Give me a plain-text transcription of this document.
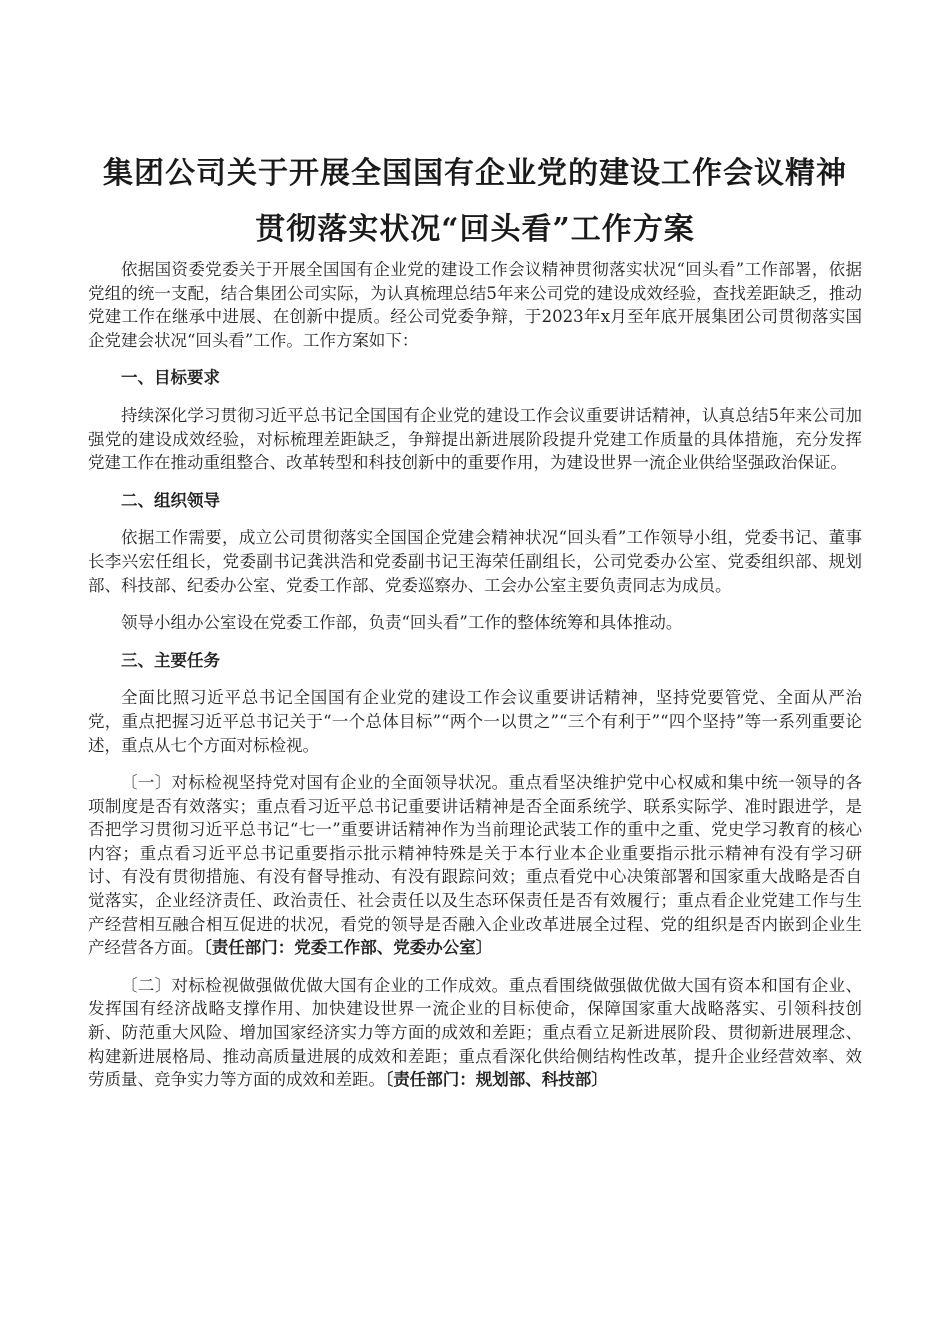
集团公司关于开展全国国有企业党的建设工作会议精神贯彻落实状况“回头看”工作方案

依据国资委党委关于开展全国国有企业党的建设工作会议精神贯彻落实状况“回头看”工作部署，依据党组的统一支配，结合集团公司实际，为认真梳理总结5年来公司党的建设成效经验，查找差距缺乏，推动党建工作在继承中进展、在创新中提质。经公司党委争辩，于2023年x月至年底开展集团公司贯彻落实国企党建会状况“回头看”工作。工作方案如下：

一、目标要求

持续深化学习贯彻习近平总书记全国国有企业党的建设工作会议重要讲话精神，认真总结5年来公司加强党的建设成效经验，对标梳理差距缺乏，争辩提出新进展阶段提升党建工作质量的具体措施，充分发挥党建工作在推动重组整合、改革转型和科技创新中的重要作用，为建设世界一流企业供给坚强政治保证。

二、组织领导

依据工作需要，成立公司贯彻落实全国国企党建会精神状况“回头看”工作领导小组，党委书记、董事长李兴宏任组长，党委副书记龚洪浩和党委副书记王海荣任副组长，公司党委办公室、党委组织部、规划部、科技部、纪委办公室、党委工作部、党委巡察办、工会办公室主要负责同志为成员。

领导小组办公室设在党委工作部，负责“回头看”工作的整体统筹和具体推动。

三、主要任务

全面比照习近平总书记全国国有企业党的建设工作会议重要讲话精神，坚持党要管党、全面从严治党，重点把握习近平总书记关于“一个总体目标”“两个一以贯之”“三个有利于”“四个坚持”等一系列重要论述，重点从七个方面对标检视。

〔一〕对标检视坚持党对国有企业的全面领导状况。重点看坚决维护党中心权威和集中统一领导的各项制度是否有效落实；重点看习近平总书记重要讲话精神是否全面系统学、联系实际学、准时跟进学，是否把学习贯彻习近平总书记“七一”重要讲话精神作为当前理论武装工作的重中之重、党史学习教育的核心内容；重点看习近平总书记重要指示批示精神特殊是关于本行业本企业重要指示批示精神有没有学习研讨、有没有贯彻措施、有没有督导推动、有没有跟踪问效；重点看党中心决策部署和国家重大战略是否自觉落实，企业经济责任、政治责任、社会责任以及生态环保责任是否有效履行；重点看企业党建工作与生产经营相互融合相互促进的状况，看党的领导是否融入企业改革进展全过程、党的组织是否内嵌到企业生产经营各方面。〔责任部门：党委工作部、党委办公室〕

〔二〕对标检视做强做优做大国有企业的工作成效。重点看围绕做强做优做大国有资本和国有企业、发挥国有经济战略支撑作用、加快建设世界一流企业的目标使命，保障国家重大战略落实、引领科技创新、防范重大风险、增加国家经济实力等方面的成效和差距；重点看立足新进展阶段、贯彻新进展理念、构建新进展格局、推动高质量进展的成效和差距；重点看深化供给侧结构性改革，提升企业经营效率、效劳质量、竞争实力等方面的成效和差距。〔责任部门：规划部、科技部〕
